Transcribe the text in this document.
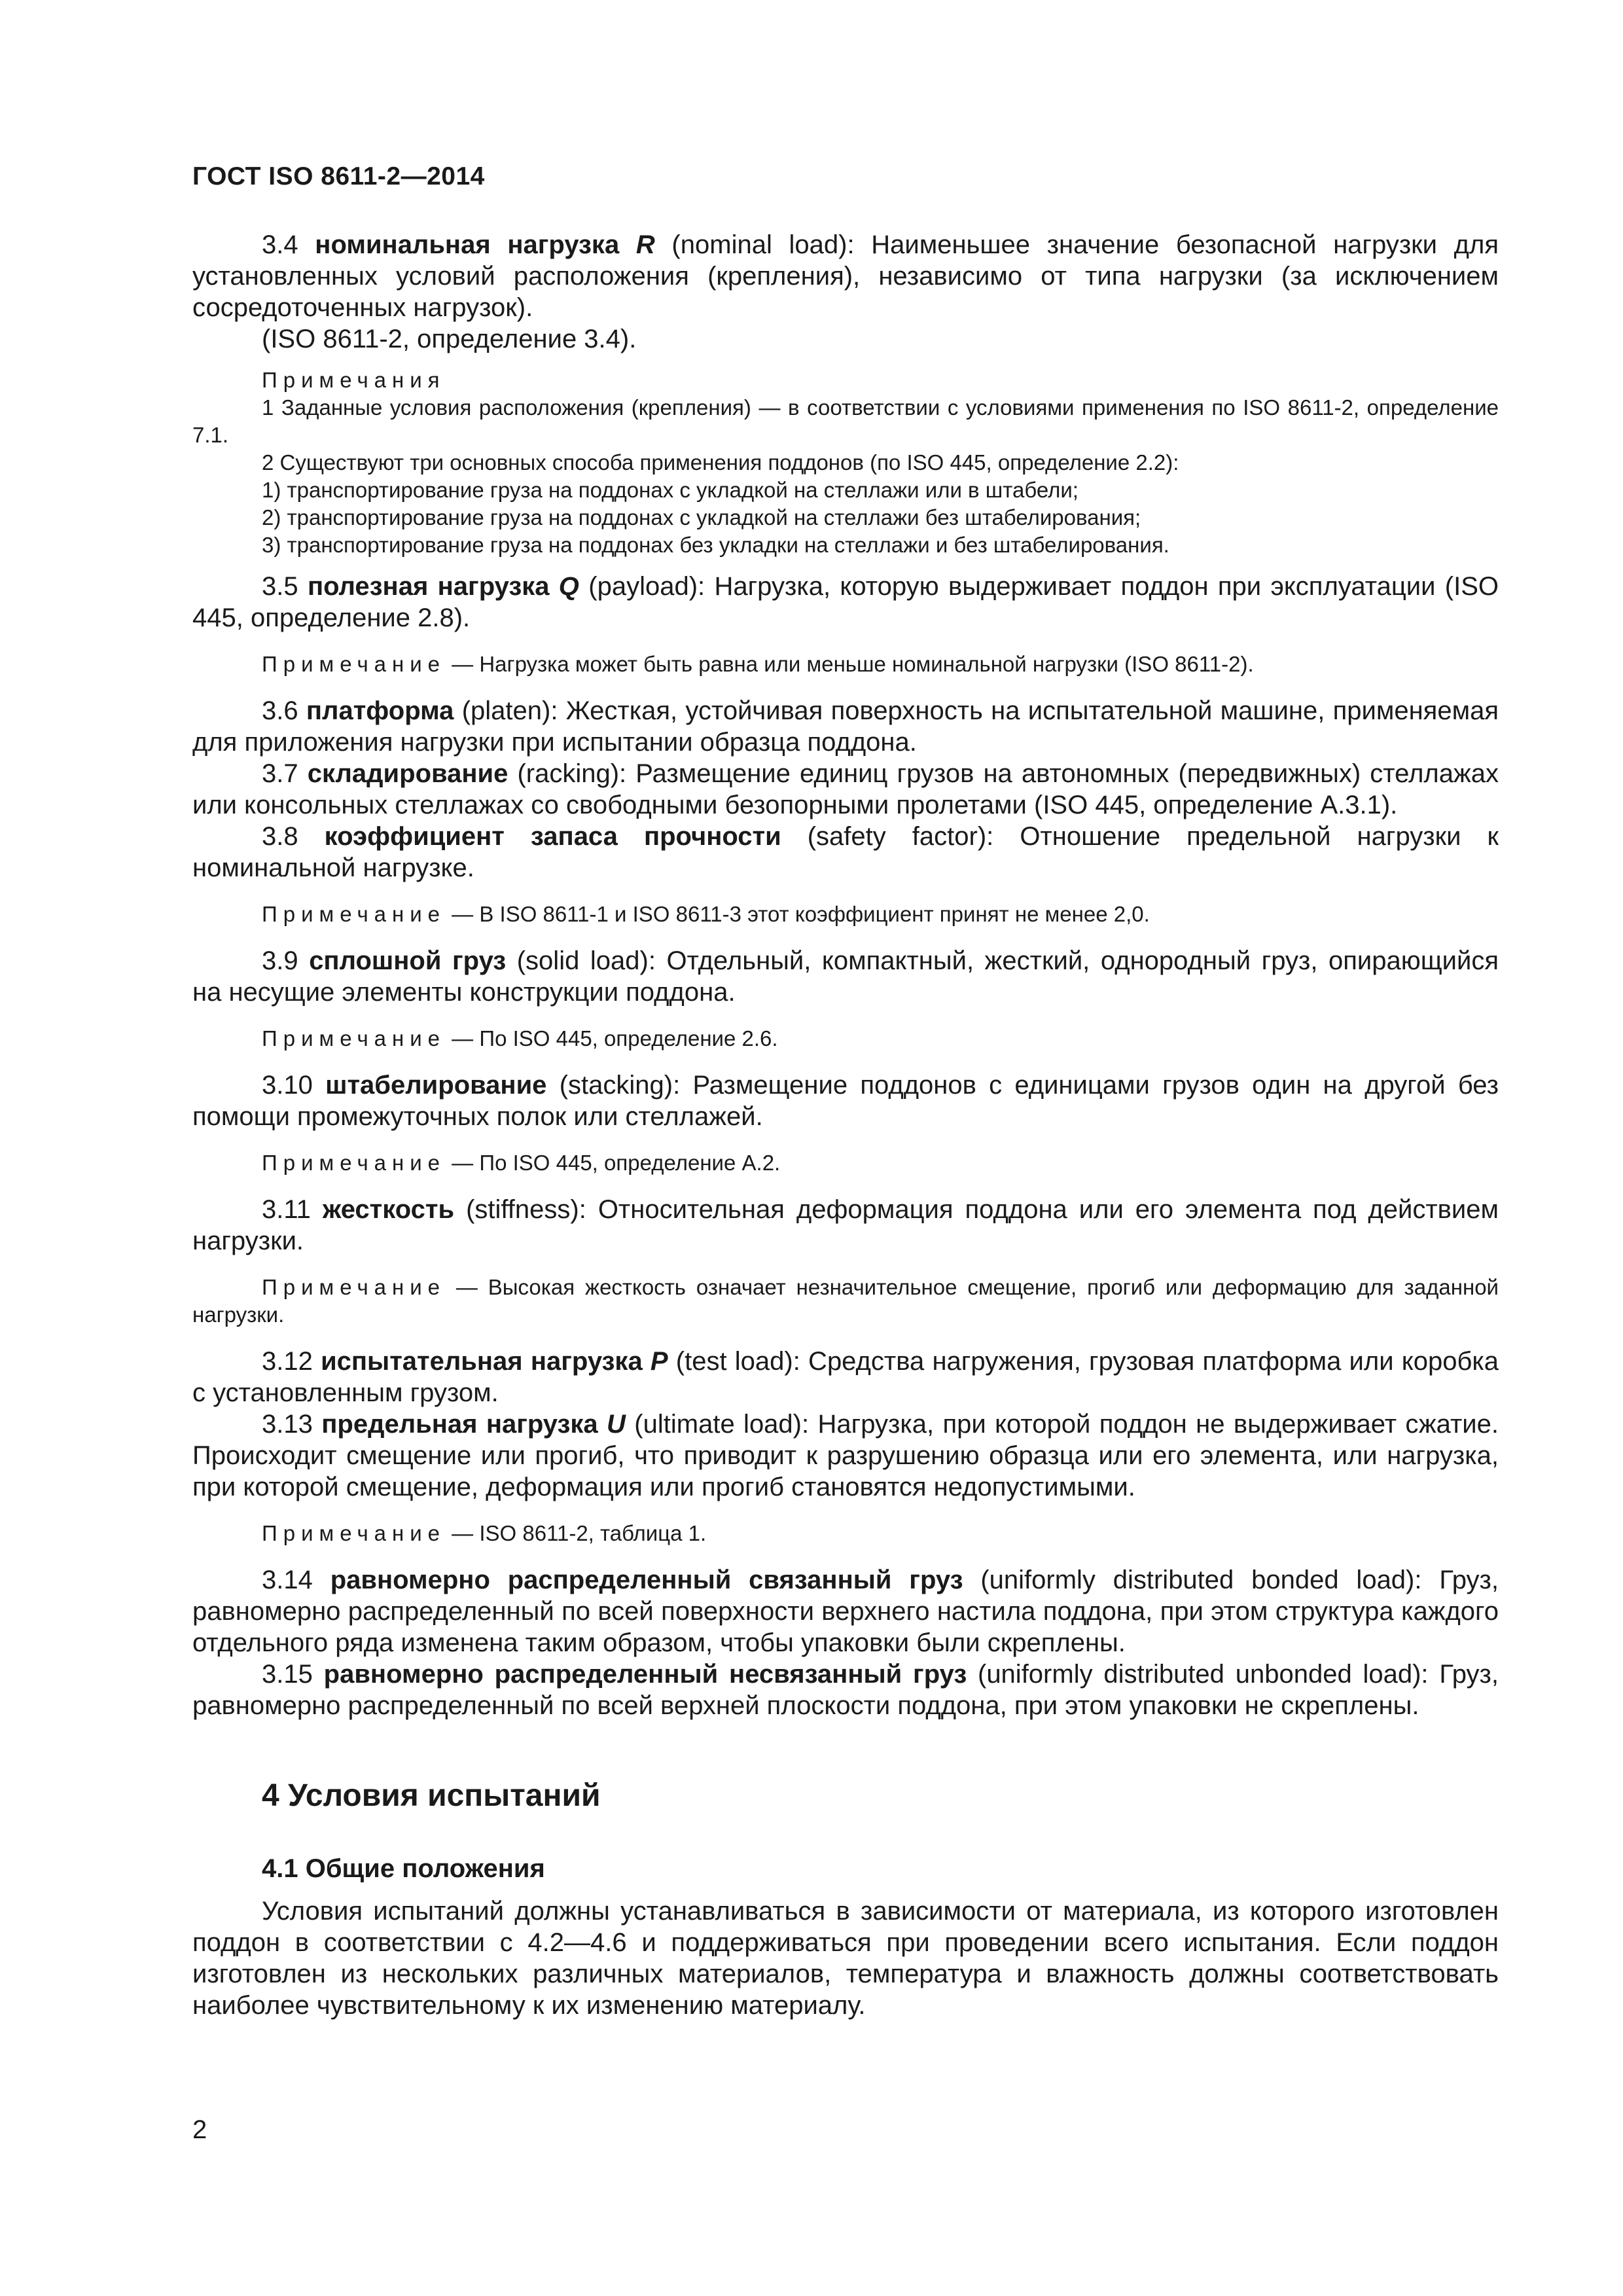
ГОСТ ISO 8611-2—2014

3.4 номинальная нагрузка R (nominal load): Наименьшее значение безопасной нагрузки для установленных условий расположения (крепления), независимо от типа нагрузки (за исключением сосредоточенных нагрузок).

(ISO 8611-2, определение 3.4).

Примечания

1 Заданные условия расположения (крепления) — в соответствии с условиями применения по ISO 8611-2, определение 7.1.

2 Существуют три основных способа применения поддонов (по ISO 445, определение 2.2):

1) транспортирование груза на поддонах с укладкой на стеллажи или в штабели;

2) транспортирование груза на поддонах с укладкой на стеллажи без штабелирования;

3) транспортирование груза на поддонах без укладки на стеллажи и без штабелирования.

3.5 полезная нагрузка Q (payload): Нагрузка, которую выдерживает поддон при эксплуатации (ISO 445, определение 2.8).

Примечание — Нагрузка может быть равна или меньше номинальной нагрузки (ISO 8611-2).

3.6 платформа (platen): Жесткая, устойчивая поверхность на испытательной машине, применяемая для приложения нагрузки при испытании образца поддона.

3.7 складирование (racking): Размещение единиц грузов на автономных (передвижных) стеллажах или консольных стеллажах со свободными безопорными пролетами (ISO 445, определение А.3.1).

3.8 коэффициент запаса прочности (safety factor): Отношение предельной нагрузки к номинальной нагрузке.

Примечание — В ISO 8611-1 и ISO 8611-3 этот коэффициент принят не менее 2,0.

3.9 сплошной груз (solid load): Отдельный, компактный, жесткий, однородный груз, опирающийся на несущие элементы конструкции поддона.

Примечание — По ISO 445, определение 2.6.

3.10 штабелирование (stacking): Размещение поддонов с единицами грузов один на другой без помощи промежуточных полок или стеллажей.

Примечание — По ISO 445, определение А.2.

3.11 жесткость (stiffness): Относительная деформация поддона или его элемента под действием нагрузки.

Примечание — Высокая жесткость означает незначительное смещение, прогиб или деформацию для заданной нагрузки.

3.12 испытательная нагрузка P (test load): Средства нагружения, грузовая платформа или коробка с установленным грузом.

3.13 предельная нагрузка U (ultimate load): Нагрузка, при которой поддон не выдерживает сжатие. Происходит смещение или прогиб, что приводит к разрушению образца или его элемента, или нагрузка, при которой смещение, деформация или прогиб становятся недопустимыми.

Примечание — ISO 8611-2, таблица 1.

3.14 равномерно распределенный связанный груз (uniformly distributed bonded load): Груз, равномерно распределенный по всей поверхности верхнего настила поддона, при этом структура каждого отдельного ряда изменена таким образом, чтобы упаковки были скреплены.

3.15 равномерно распределенный несвязанный груз (uniformly distributed unbonded load): Груз, равномерно распределенный по всей верхней плоскости поддона, при этом упаковки не скреплены.

4 Условия испытаний
4.1 Общие положения

Условия испытаний должны устанавливаться в зависимости от материала, из которого изготовлен поддон в соответствии с 4.2—4.6 и поддерживаться при проведении всего испытания. Если поддон изготовлен из нескольких различных материалов, температура и влажность должны соответствовать наиболее чувствительному к их изменению материалу.

2
